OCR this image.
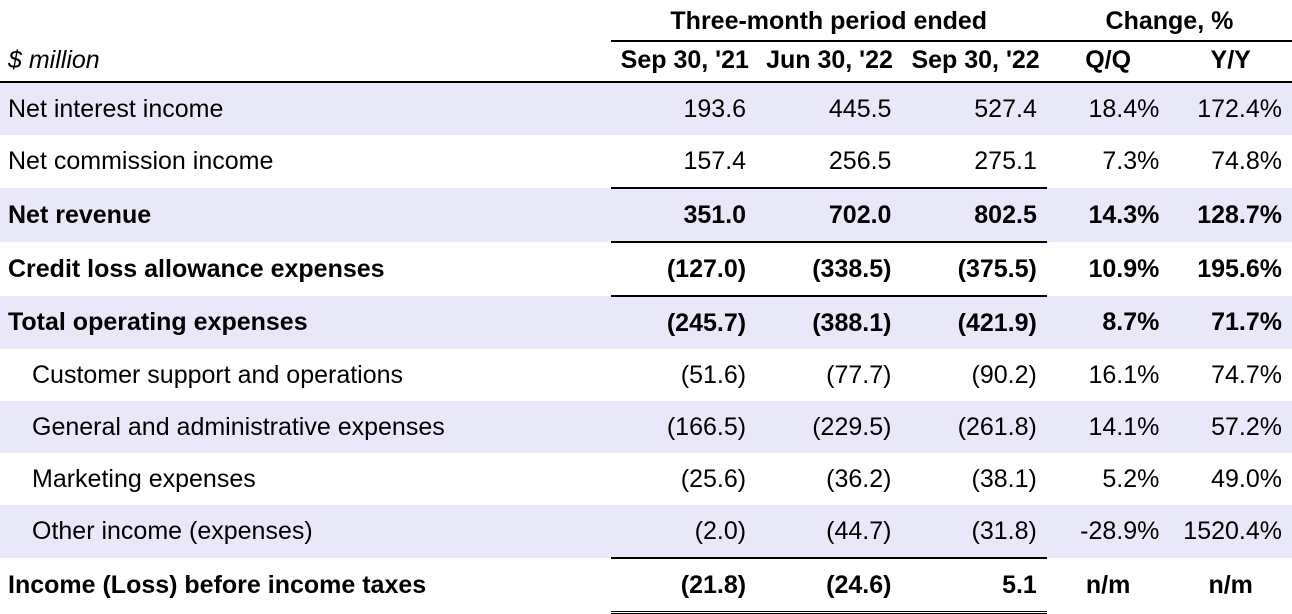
	Three-month period ended			Change, %	
$ million	Sep 30, '21	Jun 30, '22	Sep 30, '22	Q/Q	Y/Y
Net interest income	193.6	445.5	527.4	18.4%	172.4%
Net commission income	157.4	256.5	275.1	7.3%	74.8%
Net revenue	351.0	702.0	802.5	14.3%	128.7%
Credit loss allowance expenses	(127.0)	(338.5)	(375.5)	10.9%	195.6%
Total operating expenses	(245.7)	(388.1)	(421.9)	8.7%	71.7%
Customer support and operations	(51.6)	(77.7)	(90.2)	16.1%	74.7%
General and administrative expenses	(166.5)	(229.5)	(261.8)	14.1%	57.2%
Marketing expenses	(25.6)	(36.2)	(38.1)	5.2%	49.0%
Other income (expenses)	(2.0)	(44.7)	(31.8)	-28.9%	1520.4%
Income (Loss) before income taxes	(21.8)	(24.6)	5.1	n/m	n/m
